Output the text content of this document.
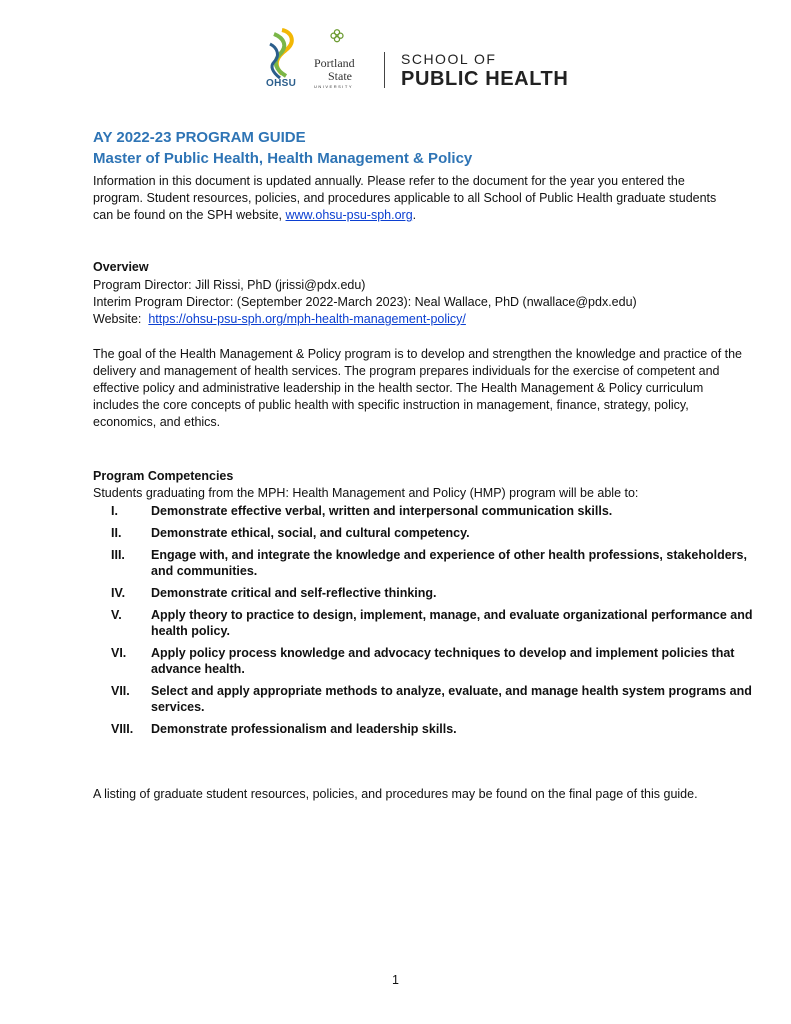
OHSU
Portland
State
UNIVERSITY
SCHOOL OF
PUBLIC HEALTH
AY 2022-23 PROGRAM GUIDE
Master of Public Health, Health Management & Policy
Information in this document is updated annually. Please refer to the document for the year you entered the program. Student resources, policies, and procedures applicable to all School of Public Health graduate students can be found on the SPH website, www.ohsu-psu-sph.org.
Overview
Program Director: Jill Rissi, PhD (jrissi@pdx.edu)
Interim Program Director: (September 2022-March 2023): Neal Wallace, PhD (nwallace@pdx.edu)
Website:  https://ohsu-psu-sph.org/mph-health-management-policy/
The goal of the Health Management & Policy program is to develop and strengthen the knowledge and practice of the delivery and management of health services. The program prepares individuals for the exercise of competent and effective policy and administrative leadership in the health sector. The Health Management & Policy curriculum includes the core concepts of public health with specific instruction in management, finance, strategy, policy, economics, and ethics.
Program Competencies
Students graduating from the MPH: Health Management and Policy (HMP) program will be able to:
I.	Demonstrate effective verbal, written and interpersonal communication skills.
II.	Demonstrate ethical, social, and cultural competency.
III.	Engage with, and integrate the knowledge and experience of other health professions, stakeholders, and communities.
IV.	Demonstrate critical and self-reflective thinking.
V.	Apply theory to practice to design, implement, manage, and evaluate organizational performance and health policy.
VI.	Apply policy process knowledge and advocacy techniques to develop and implement policies that advance health.
VII.	Select and apply appropriate methods to analyze, evaluate, and manage health system programs and services.
VIII.	Demonstrate professionalism and leadership skills.
A listing of graduate student resources, policies, and procedures may be found on the final page of this guide.
1
